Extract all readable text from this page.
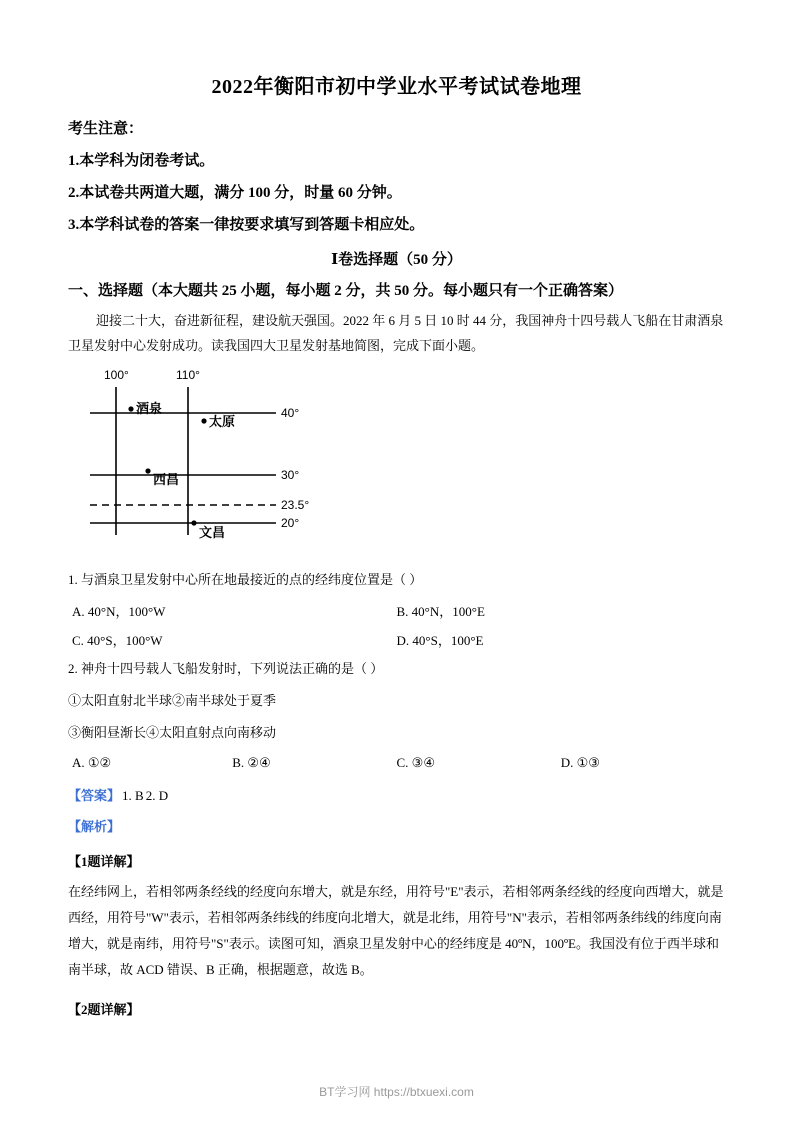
2022年衡阳市初中学业水平考试试卷地理
考生注意：
1.本学科为闭卷考试。
2.本试卷共两道大题，满分 100 分，时量 60 分钟。
3.本学科试卷的答案一律按要求填写到答题卡相应处。
Ⅰ卷选择题（50 分）
一、选择题（本大题共 25 小题，每小题 2 分，共 50 分。每小题只有一个正确答案）
迎接二十大，奋进新征程，建设航天强国。2022 年 6 月 5 日 10 时 44 分，我国神舟十四号载人飞船在甘肃酒泉卫星发射中心发射成功。读我国四大卫星发射基地简图，完成下面小题。
100°	110°
40°
30°
23.5°
20°
酒泉
太原
西昌
文昌
1. 与酒泉卫星发射中心所在地最接近的点的经纬度位置是（ ）
A. 40°N，100°W	B. 40°N，100°E
C. 40°S，100°W	D. 40°S，100°E
2. 神舟十四号载人飞船发射时，下列说法正确的是（ ）
①太阳直射北半球②南半球处于夏季
③衡阳昼渐长④太阳直射点向南移动
A. ①②	B. ②④	C. ③④	D. ①③
【答案】 1. B 2. D
【解析】
【1题详解】
在经纬网上，若相邻两条经线的经度向东增大，就是东经，用符号"E"表示，若相邻两条经线的经度向西增大，就是西经，用符号"W"表示，若相邻两条纬线的纬度向北增大，就是北纬，用符号"N"表示，若相邻两条纬线的纬度向南增大，就是南纬，用符号"S"表示。读图可知，酒泉卫星发射中心的经纬度是 40ºN，100ºE。我国没有位于西半球和南半球，故 ACD 错误、B 正确，根据题意，故选 B。
【2题详解】
BT学习网 https://btxuexi.com
